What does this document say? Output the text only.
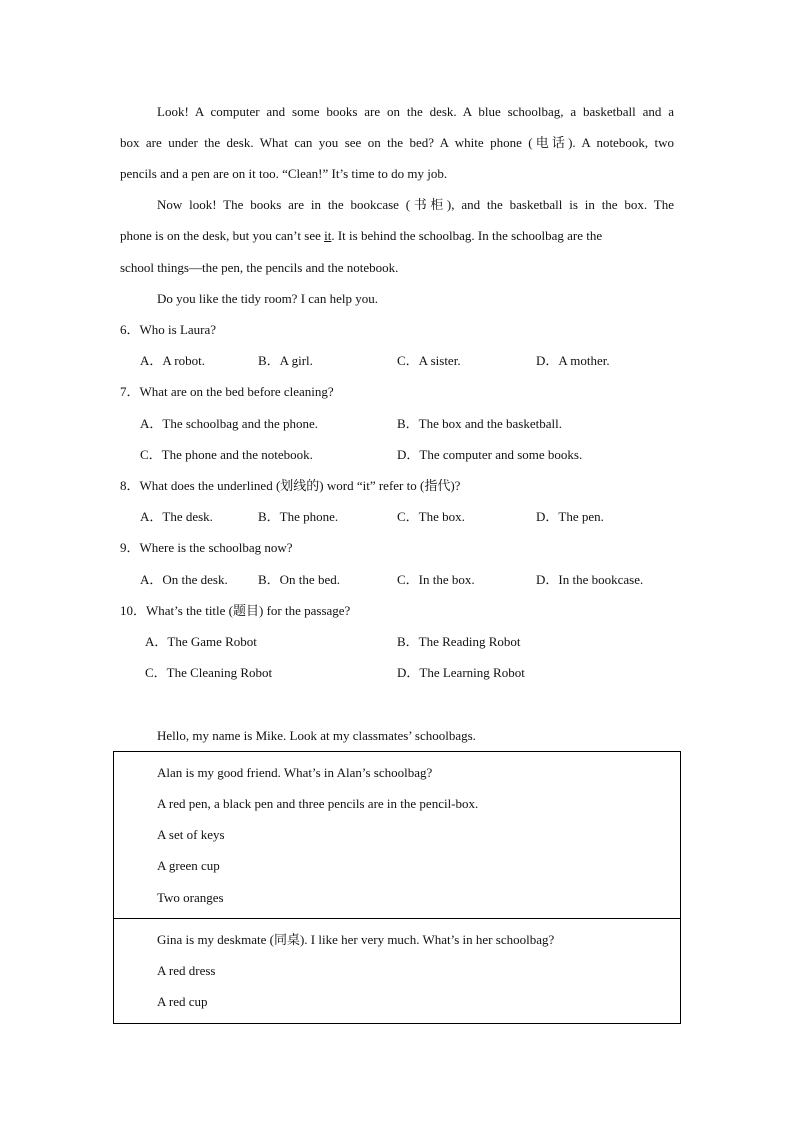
Look! A computer and some books are on the desk. A blue schoolbag, a basketball and a
box are under the desk. What can you see on the bed? A white phone (电话). A notebook, two
pencils and a pen are on it too. “Clean!” It’s time to do my job.
Now look! The books are in the bookcase (书柜), and the basketball is in the box. The
phone is on the desk, but you can’t see it. It is behind the schoolbag. In the schoolbag are the
school things—the pen, the pencils and the notebook.
Do you like the tidy room? I can help you.
6．Who is Laura?
A．A robot.	B．A girl.	C．A sister.	D．A mother.
7．What are on the bed before cleaning?
A．The schoolbag and the phone.	B．The box and the basketball.
C．The phone and the notebook.	D．The computer and some books.
8．What does the underlined (划线的) word “it” refer to (指代)?
A．The desk.	B．The phone.	C．The box.	D．The pen.
9．Where is the schoolbag now?
A．On the desk. B．On the bed.	C．In the box.	D．In the bookcase.
10．What’s the title (题目) for the passage?
A．The Game Robot	B．The Reading Robot
C．The Cleaning Robot	D．The Learning Robot
Hello, my name is Mike. Look at my classmates’ schoolbags.
Alan is my good friend. What’s in Alan’s schoolbag?
A red pen, a black pen and three pencils are in the pencil-box.
A set of keys
A green cup
Two oranges
Gina is my deskmate (同桌). I like her very much. What’s in her schoolbag?
A red dress
A red cup
